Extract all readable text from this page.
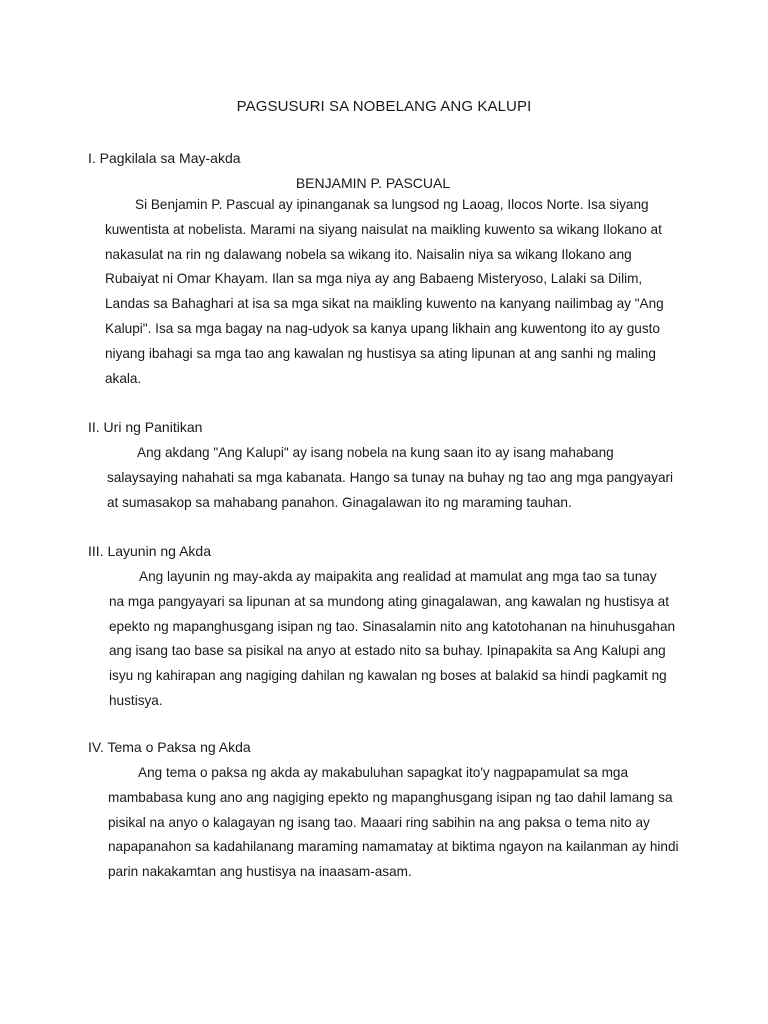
PAGSUSURI SA NOBELANG ANG KALUPI
I. Pagkilala sa May-akda
BENJAMIN P. PASCUAL
Si Benjamin P. Pascual ay ipinanganak sa lungsod ng Laoag, Ilocos Norte. Isa siyang
kuwentista at nobelista. Marami na siyang naisulat na maikling kuwento sa wikang Ilokano at
nakasulat na rin ng dalawang nobela sa wikang ito. Naisalin niya sa wikang Ilokano ang
Rubaiyat ni Omar Khayam. Ilan sa mga niya ay ang Babaeng Misteryoso, Lalaki sa Dilim,
Landas sa Bahaghari at isa sa mga sikat na maikling kuwento na kanyang nailimbag ay "Ang
Kalupi". Isa sa mga bagay na nag-udyok sa kanya upang likhain ang kuwentong ito ay gusto
niyang ibahagi sa mga tao ang kawalan ng hustisya sa ating lipunan at ang sanhi ng maling
akala.
II. Uri ng Panitikan
Ang akdang "Ang Kalupi" ay isang nobela na kung saan ito ay isang mahabang
salaysaying nahahati sa mga kabanata. Hango sa tunay na buhay ng tao ang mga pangyayari
at sumasakop sa mahabang panahon. Ginagalawan ito ng maraming tauhan.
III. Layunin ng Akda
Ang layunin ng may-akda ay maipakita ang realidad at mamulat ang mga tao sa tunay
na mga pangyayari sa lipunan at sa mundong ating ginagalawan, ang kawalan ng hustisya at
epekto ng mapanghusgang isipan ng tao. Sinasalamin nito ang katotohanan na hinuhusgahan
ang isang tao base sa pisikal na anyo at estado nito sa buhay. Ipinapakita sa Ang Kalupi ang
isyu ng kahirapan ang nagiging dahilan ng kawalan ng boses at balakid sa hindi pagkamit ng
hustisya.
IV. Tema o Paksa ng Akda
Ang tema o paksa ng akda ay makabuluhan sapagkat ito'y nagpapamulat sa mga
mambabasa kung ano ang nagiging epekto ng mapanghusgang isipan ng tao dahil lamang sa
pisikal na anyo o kalagayan ng isang tao. Maaari ring sabihin na ang paksa o tema nito ay
napapanahon sa kadahilanang maraming namamatay at biktima ngayon na kailanman ay hindi
parin nakakamtan ang hustisya na inaasam-asam.
